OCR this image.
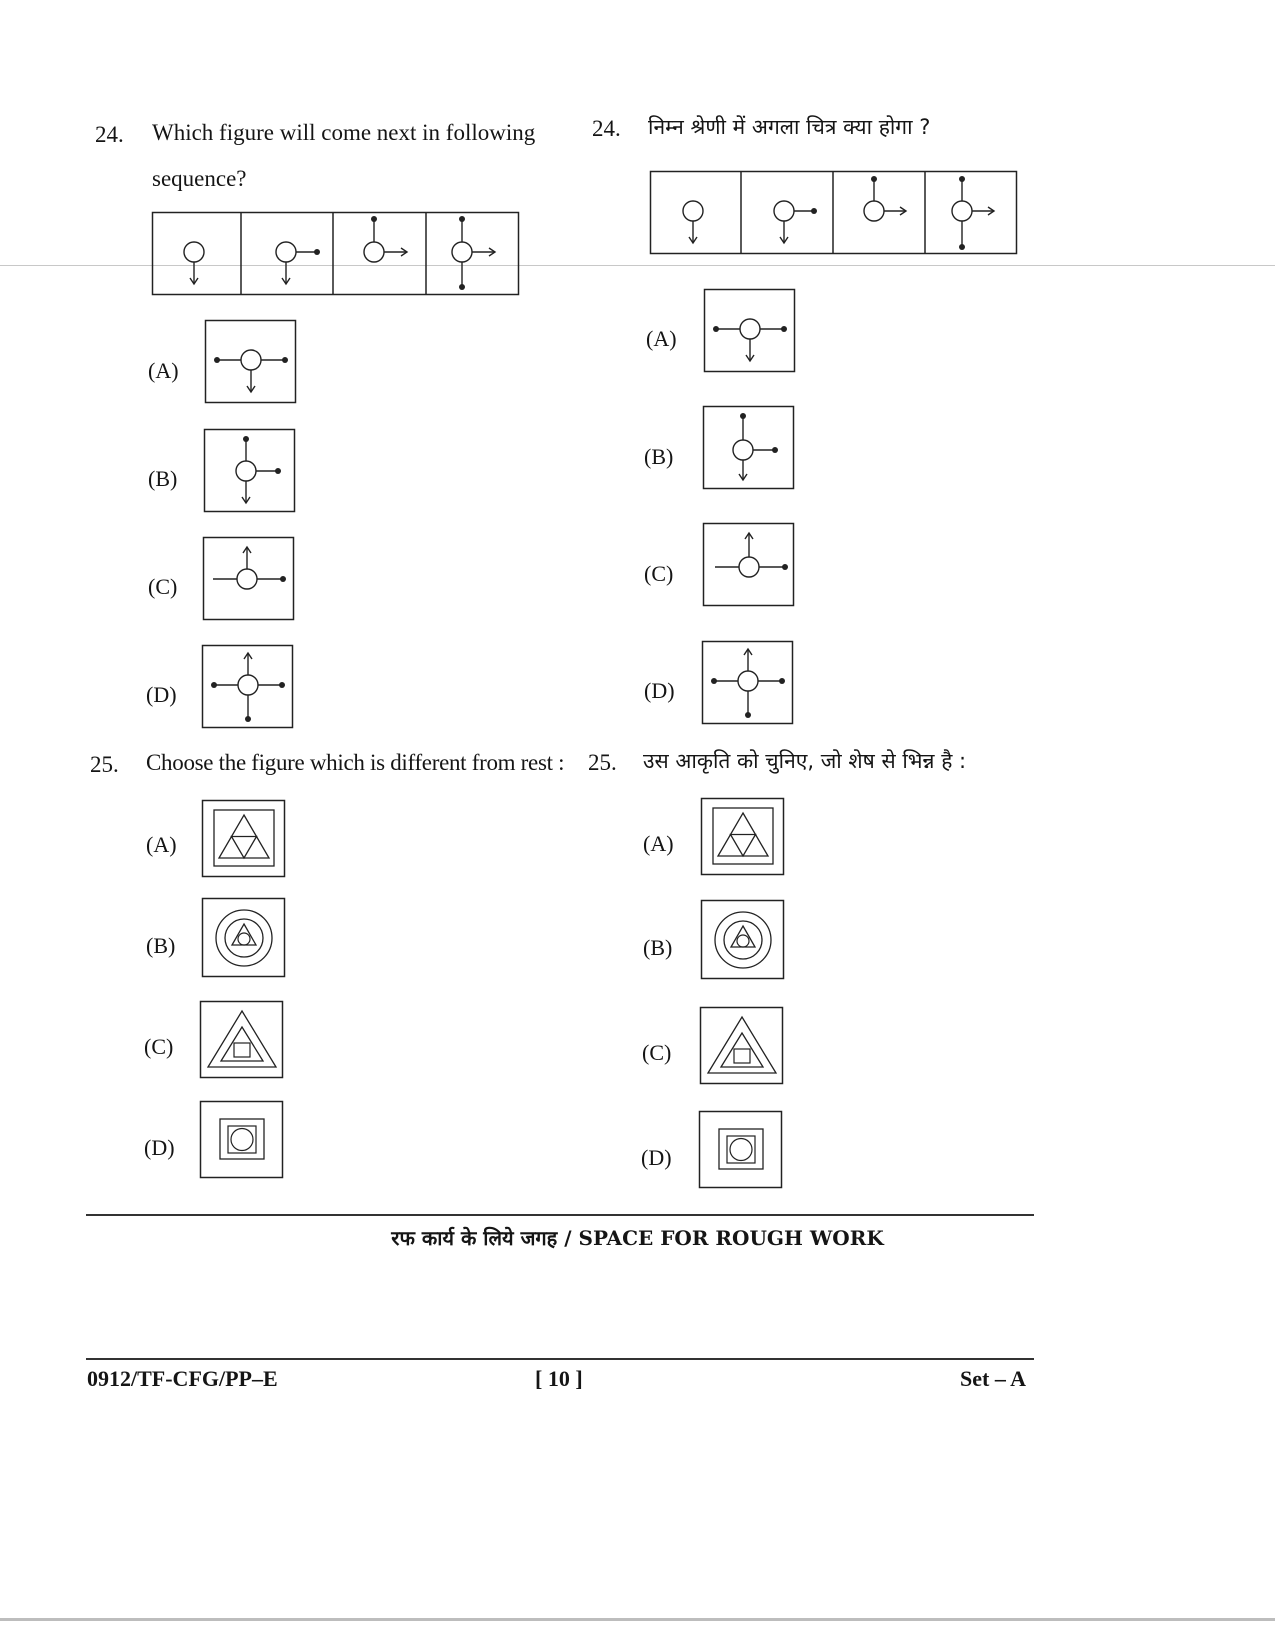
24. Which figure will come next in following
sequence?
(A)
(B)
(C)
(D)
25. Choose the figure which is different from rest :
(A)
(B)
(C)
(D)
24. निम्न श्रेणी में अगला चित्र क्या होगा ?
(A)
(B)
(C)
(D)
25. उस आकृति को चुनिए, जो शेष से भिन्न है :
(A)
(B)
(C)
(D)
रफ कार्य के लिये जगह / SPACE FOR ROUGH WORK
0912/TF-CFG/PP–E	[ 10 ]	Set – A
